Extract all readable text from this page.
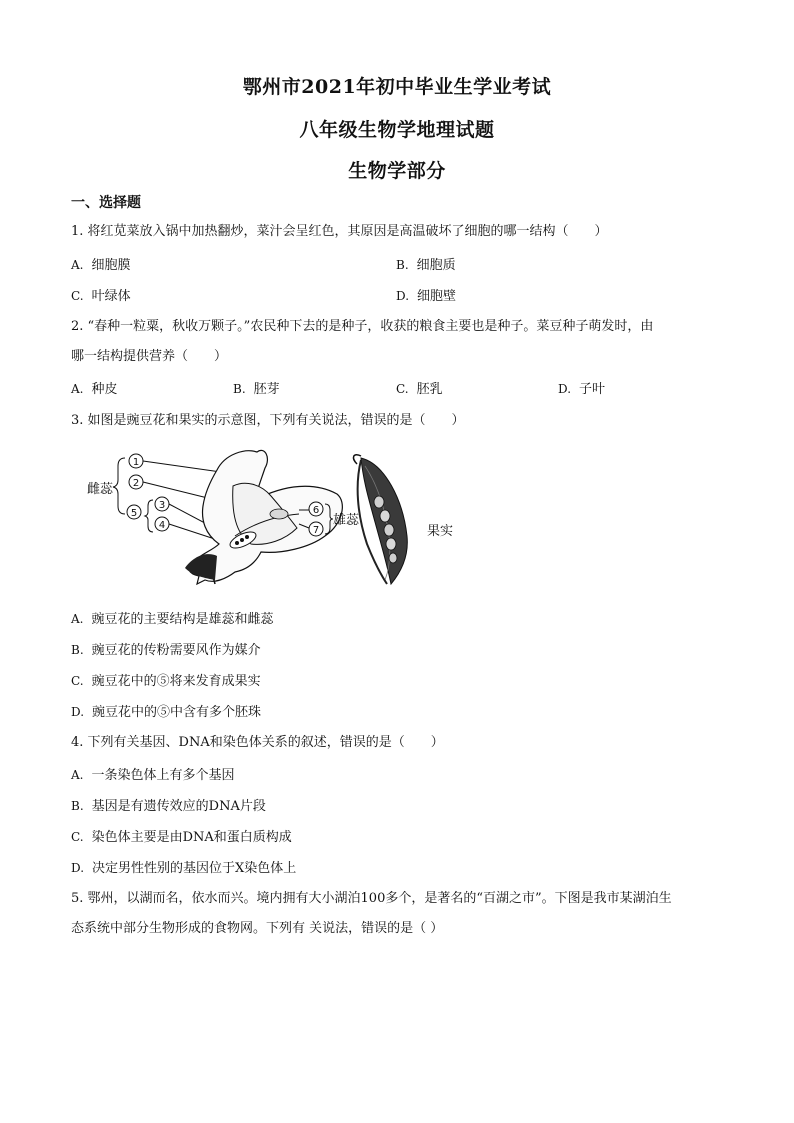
鄂州市2021年初中毕业生学业考试
八年级生物学地理试题
生物学部分
一、选择题
1. 将红苋菜放入锅中加热翻炒，菜汁会呈红色，其原因是高温破坏了细胞的哪一结构（　　）
A. 细胞膜	B. 细胞质
C. 叶绿体	D. 细胞壁
2. “春种一粒粟，秋收万颗子。”农民种下去的是种子，收获的粮食主要也是种子。菜豆种子萌发时，由
哪一结构提供营养（　　）
A. 种皮	B. 胚芽	C. 胚乳	D. 子叶
3. 如图是豌豆花和果实的示意图，下列有关说法，错误的是（　　）
雌蕊
1
2
5
3
4
6
7
雄蕊
果实
A. 豌豆花的主要结构是雄蕊和雌蕊
B. 豌豆花的传粉需要风作为媒介
C. 豌豆花中的⑤将来发育成果实
D. 豌豆花中的⑤中含有多个胚珠
4. 下列有关基因、DNA和染色体关系的叙述，错误的是（　　）
A. 一条染色体上有多个基因
B. 基因是有遗传效应的DNA片段
C. 染色体主要是由DNA和蛋白质构成
D. 决定男性性别的基因位于X染色体上
5. 鄂州，以湖而名，依水而兴。境内拥有大小湖泊100多个，是著名的“百湖之市”。下图是我市某湖泊生
态系统中部分生物形成的食物网。下列有 关说法，错误的是（ ）
